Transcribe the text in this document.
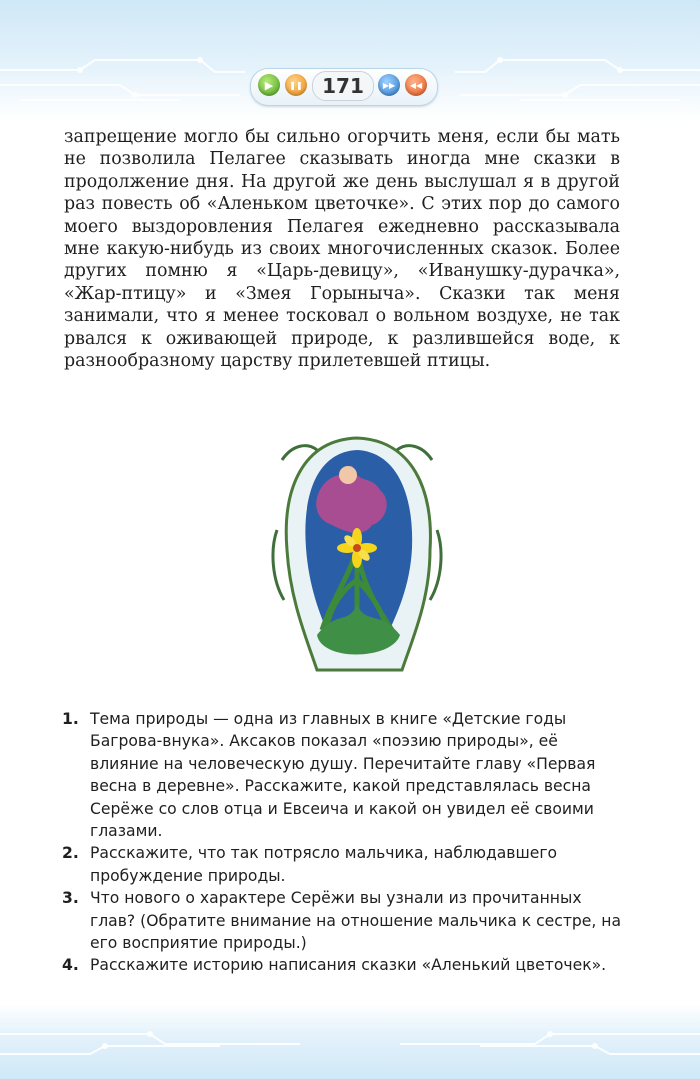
▶ ❚❚ 171	▶▶ ◀◀
запрещение могло бы сильно огорчить меня, если бы мать не позволила Пелагее сказывать иногда мне сказки в продолжение дня. На другой же день выслушал я в другой раз повесть об «Аленьком цветочке». С этих пор до самого моего выздоровления Пелагея ежедневно рассказывала мне какую-нибудь из своих многочисленных сказок. Более других помню я «Царь-девицу», «Иванушку-дурачка», «Жар-птицу» и «Змея Горыныча». Сказки так меня занимали, что я менее тосковал о вольном воздухе, не так рвался к оживающей природе, к разлившейся воде, к разнообразному царству прилетевшей птицы.
1. Тема природы — одна из главных в книге «Детские годы Багрова-внука». Аксаков показал «поэзию природы», её влияние на человеческую душу. Перечитайте главу «Первая весна в деревне». Расскажите, какой представлялась весна Серёже со слов отца и Евсеича и какой он увидел её своими глазами.
2. Расскажите, что так потрясло мальчика, наблюдавшего пробуждение природы.
3. Что нового о характере Серёжи вы узнали из прочитанных глав? (Обратите внимание на отношение мальчика к сестре, на его восприятие природы.)
4. Расскажите историю написания сказки «Аленький цветочек».
